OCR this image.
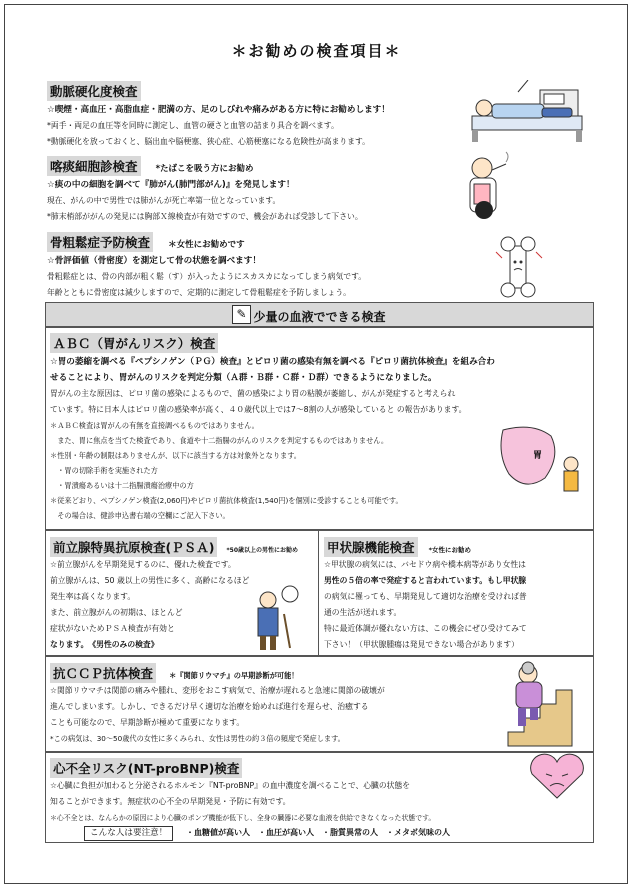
＊お勧めの検査項目＊
動脈硬化度検査
☆喫煙・高血圧・高脂血症・肥満の方、足のしびれや痛みがある方に特にお勧めします！
*両手・両足の血圧等を同時に測定し、血管の硬さと血管の詰まり具合を調べます。
*動脈硬化を放っておくと、脳出血や脳梗塞、狭心症、心筋梗塞になる危険性が高まります。
喀痰細胞診検査 *たばこを吸う方にお勧め
☆痰の中の細胞を調べて『肺がん(肺門部がん)』を発見します！
現在、がんの中で男性では肺がんが死亡率第一位となっています。
*肺末梢部ががんの発見には胸部Ｘ線検査が有効ですので、機会があれば受診して下さい。
骨粗鬆症予防検査 ＊女性にお勧めです
☆骨評価値（骨密度）を測定して骨の状態を調べます！
骨粗鬆症とは、骨の内部が粗く鬆（す）が入ったようにスカスカになってしまう病気です。
年齢とともに骨密度は減少しますので、定期的に測定して骨粗鬆症を予防しましょう。
✎ 少量の血液でできる検査
ＡＢＣ（胃がんリスク）検査
☆胃の萎縮を調べる『ペプシノゲン（ＰＧ）検査』とピロリ菌の感染有無を調べる『ピロリ菌抗体検査』を組み合わ
せることにより、胃がんのリスクを判定分類（Ａ群・Ｂ群・Ｃ群・Ｄ群）できるようになりました。
胃がんの主な原因は、ピロリ菌の感染によるもので、菌の感染により胃の粘膜が萎縮し、がんが発症すると考えられ
ています。特に日本人はピロリ菌の感染率が高く、４０歳代以上では7～8割の人が感染していると の報告があります。
＊ＡＢＣ検査は胃がんの有無を直接調べるものではありません。
　また、胃に焦点を当てた検査であり、食道や十二指腸のがんのリスクを判定するものではありません。
＊性別・年齢の制限はありませんが、以下に該当する方は対象外となります。
　・胃の切除手術を実施された方
　・胃潰瘍あるいは十二指腸潰瘍治療中の方
＊従来どおり、ペプシノゲン検査(2,060円)やピロリ菌抗体検査(1,540円)を個別に受診することも可能です。
　その場合は、健診申込書右端の空欄にご記入下さい。
胃
前立腺特異抗原検査(ＰＳＡ) *50歳以上の男性にお勧め
☆前立腺がんを早期発見するのに、優れた検査です。
前立腺がんは、50 歳以上の男性に多く、高齢になるほど
発生率は高くなります。
また、前立腺がんの初期は、ほとんど
症状がないためＰＳＡ検査が有効と
なります。　《男性のみの検査》
甲状腺機能検査 *女性にお勧め
☆甲状腺の病気には、バセドウ病や橋本病等があり女性は
男性の５倍の率で発症すると言われています。もし甲状腺
の病気に罹っても、早期発見して適切な治療を受ければ普
通の生活が送れます。
特に最近体調が優れない方は、この機会にぜひ受けてみて
下さい！（甲状腺腫瘍は発見できない場合があります）
抗ＣＣＰ抗体検査 ＊『関節リウマチ』の早期診断が可能！
☆関節リウマチは関節の痛みや腫れ、変形をおこす病気で、治療が遅れると急速に関節の破壊が
進んでしまいます。しかし、できるだけ早く適切な治療を始めれば進行を遅らせ、治癒する
ことも可能なので、早期診断が極めて重要になります。
*この病気は、30～50歳代の女性に多くみられ、女性は男性の約３倍の頻度で発症します。
心不全リスク(NT-proBNP)検査
☆心臓に負担が加わると分泌されるホルモン『NT-proBNP』の血中濃度を調べることで、心臓の状態を
知ることができます。無症状の心不全の早期発見・予防に有効です。
＊心不全とは、なんらかの原因により心臓のポンプ機能が低下し、全身の臓器に必要な血液を供給できなくなった状態です。
こんな人は要注意！	・血糖値が高い人　・血圧が高い人　・脂質異常の人　・メタボ気味の人
